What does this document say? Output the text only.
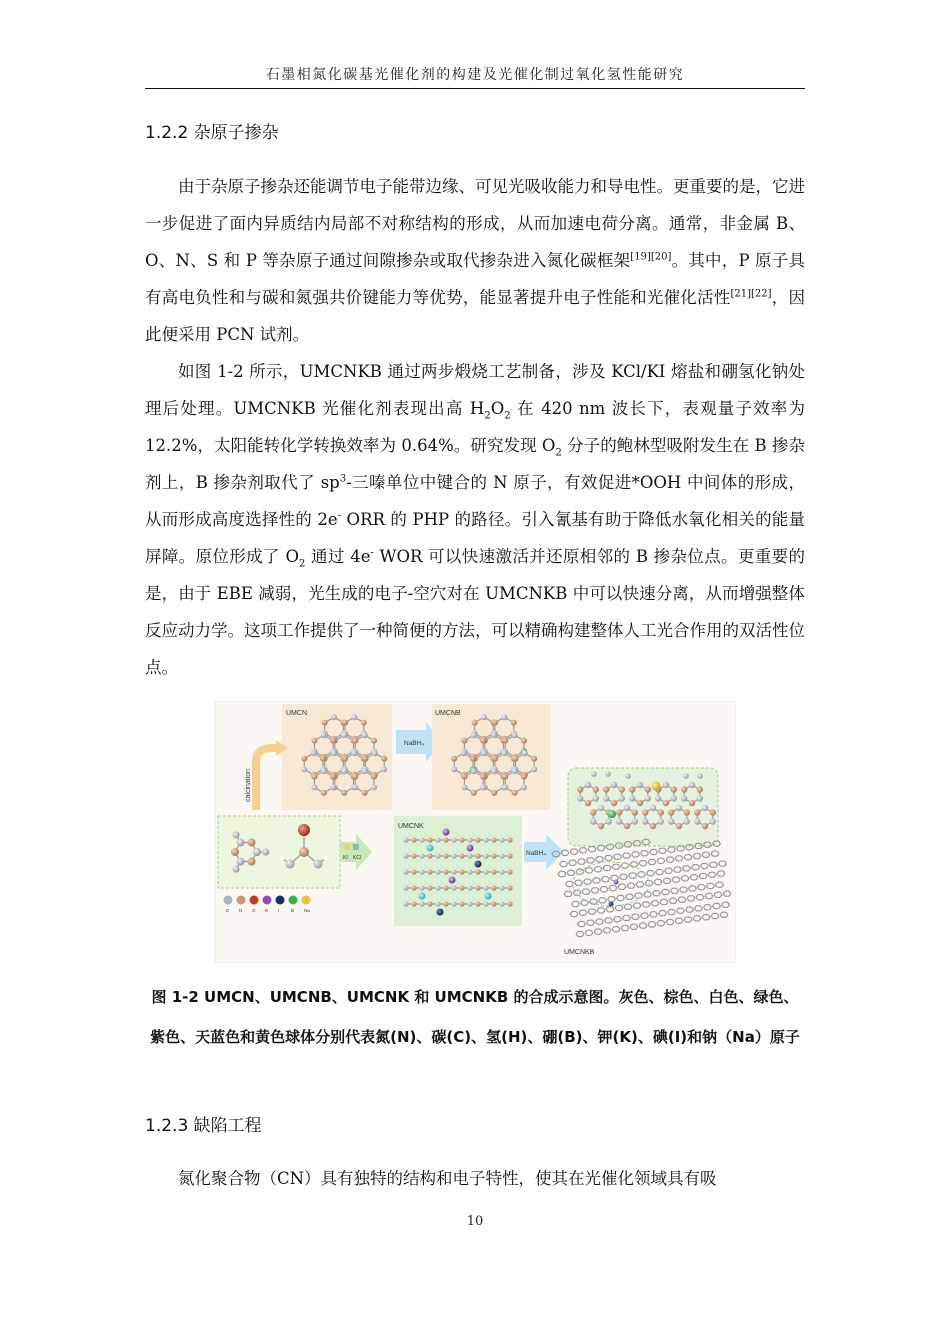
石墨相氮化碳基光催化剂的构建及光催化制过氧化氢性能研究
1.2.2 杂原子掺杂

由于杂原子掺杂还能调节电子能带边缘、可见光吸收能力和导电性。更重要的是，它进一步促进了面内异质结内局部不对称结构的形成，从而加速电荷分离。通常，非金属 B、O、N、S 和 P 等杂原子通过间隙掺杂或取代掺杂进入氮化碳框架[19][20]。其中，P 原子具有高电负性和与碳和氮强共价键能力等优势，能显著提升电子性能和光催化活性[21][22]，因此便采用 PCN 试剂。

如图 1-2 所示，UMCNKB 通过两步煅烧工艺制备，涉及 KCl/KI 熔盐和硼氢化钠处理后处理。UMCNKB 光催化剂表现出高 $H_2O_2$ 在 420 nm 波长下，表观量子效率为 12.2%，太阳能转化学转换效率为 0.64%。研究发现 $O_2$ 分子的鲍林型吸附发生在 B 掺杂剂上，B 掺杂剂取代了 $sp^3-$三嗪单位中键合的 N 原子，有效促进*OOH 中间体的形成，从而形成高度选择性的 2e- ORR 的 PHP 的路径。引入氰基有助于降低水氧化相关的能量屏障。原位形成了 $O_2$ 通过 4e- WOR 可以快速激活并还原相邻的 B 掺杂位点。更重要的是，由于 EBE 减弱，光生成的电子-空穴对在 UMCNKB 中可以快速分离，从而增强整体反应动力学。这项工作提供了一种简便的方法，可以精确构建整体人工光合作用的双活性位点。

UMCN
NaBH₄
UMCNB
calcination
KI KCl
C N O K I	B Na
UMCNK
NaBH₄
UMCNKB

图 1-2 UMCN、UMCNB、UMCNK 和 UMCNKB 的合成示意图。灰色、棕色、白色、绿色、紫色、天蓝色和黄色球体分别代表氮(N)、碳(C)、氢(H)、硼(B)、钾(K)、碘(I)和钠（Na）原子

1.2.3 缺陷工程

氮化聚合物（CN）具有独特的结构和电子特性，使其在光催化领域具有吸

10
